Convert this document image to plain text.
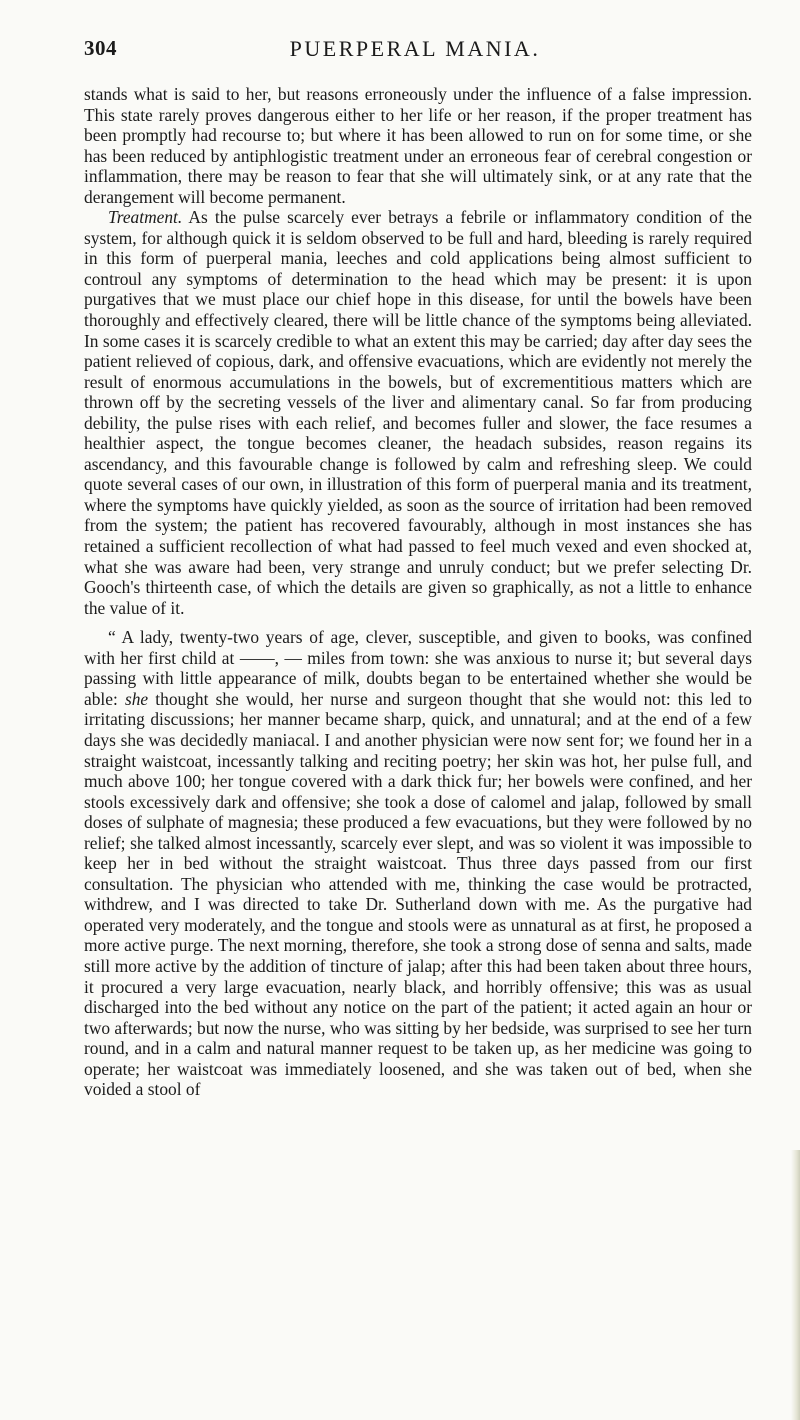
304	PUERPERAL MANIA.

stands what is said to her, but reasons erroneously under the influence of a false impression. This state rarely proves dangerous either to her life or her reason, if the proper treatment has been promptly had recourse to; but where it has been allowed to run on for some time, or she has been reduced by antiphlogistic treatment under an erroneous fear of cerebral congestion or inflammation, there may be reason to fear that she will ultimately sink, or at any rate that the derangement will become permanent.

Treatment. As the pulse scarcely ever betrays a febrile or inflammatory condition of the system, for although quick it is seldom observed to be full and hard, bleeding is rarely required in this form of puerperal mania, leeches and cold applications being almost sufficient to controul any symptoms of determination to the head which may be present: it is upon purgatives that we must place our chief hope in this disease, for until the bowels have been thoroughly and effectively cleared, there will be little chance of the symptoms being alleviated. In some cases it is scarcely credible to what an extent this may be carried; day after day sees the patient relieved of copious, dark, and offensive evacuations, which are evidently not merely the result of enormous accumulations in the bowels, but of excrementitious matters which are thrown off by the secreting vessels of the liver and alimentary canal. So far from producing debility, the pulse rises with each relief, and becomes fuller and slower, the face resumes a healthier aspect, the tongue becomes cleaner, the headach subsides, reason regains its ascendancy, and this favourable change is followed by calm and refreshing sleep. We could quote several cases of our own, in illustration of this form of puerperal mania and its treatment, where the symptoms have quickly yielded, as soon as the source of irritation had been removed from the system; the patient has recovered favourably, although in most instances she has retained a sufficient recollection of what had passed to feel much vexed and even shocked at, what she was aware had been, very strange and unruly conduct; but we prefer selecting Dr. Gooch's thirteenth case, of which the details are given so graphically, as not a little to enhance the value of it.

“ A lady, twenty-two years of age, clever, susceptible, and given to books, was confined with her first child at ——, — miles from town: she was anxious to nurse it; but several days passing with little appearance of milk, doubts began to be entertained whether she would be able: she thought she would, her nurse and surgeon thought that she would not: this led to irritating discussions; her manner became sharp, quick, and unnatural; and at the end of a few days she was decidedly maniacal. I and another physician were now sent for; we found her in a straight waistcoat, incessantly talking and reciting poetry; her skin was hot, her pulse full, and much above 100; her tongue covered with a dark thick fur; her bowels were confined, and her stools excessively dark and offensive; she took a dose of calomel and jalap, followed by small doses of sulphate of magnesia; these produced a few evacuations, but they were followed by no relief; she talked almost incessantly, scarcely ever slept, and was so violent it was impossible to keep her in bed without the straight waistcoat. Thus three days passed from our first consultation. The physician who attended with me, thinking the case would be protracted, withdrew, and I was directed to take Dr. Sutherland down with me. As the purgative had operated very moderately, and the tongue and stools were as unnatural as at first, he proposed a more active purge. The next morning, therefore, she took a strong dose of senna and salts, made still more active by the addition of tincture of jalap; after this had been taken about three hours, it procured a very large evacuation, nearly black, and horribly offensive; this was as usual discharged into the bed without any notice on the part of the patient; it acted again an hour or two afterwards; but now the nurse, who was sitting by her bedside, was surprised to see her turn round, and in a calm and natural manner request to be taken up, as her medicine was going to operate; her waistcoat was immediately loosened, and she was taken out of bed, when she voided a stool of
